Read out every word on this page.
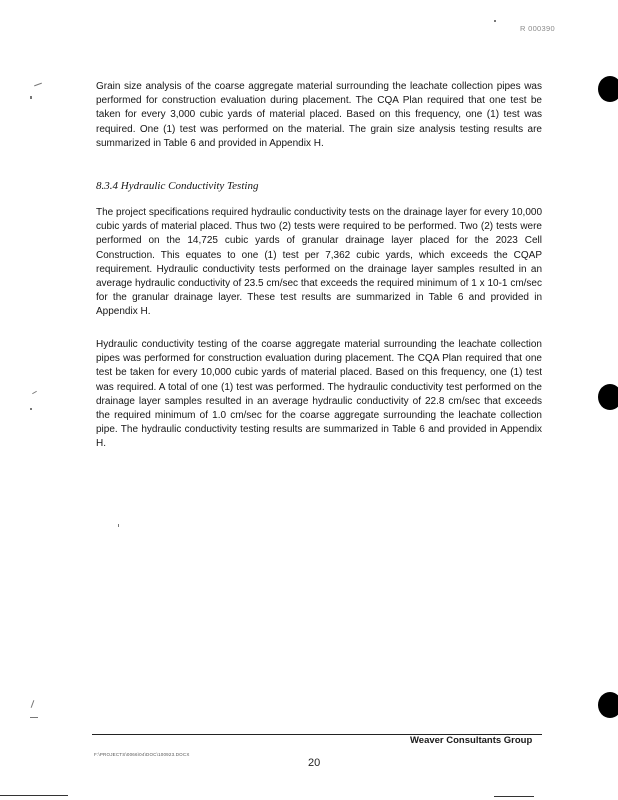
R 000390

Grain size analysis of the coarse aggregate material surrounding the leachate collection pipes was performed for construction evaluation during placement. The CQA Plan required that one test be taken for every 3,000 cubic yards of material placed. Based on this frequency, one (1) test was required. One (1) test was performed on the material. The grain size analysis testing results are summarized in Table 6 and provided in Appendix H.

8.3.4 Hydraulic Conductivity Testing

The project specifications required hydraulic conductivity tests on the drainage layer for every 10,000 cubic yards of material placed. Thus two (2) tests were required to be performed. Two (2) tests were performed on the 14,725 cubic yards of granular drainage layer placed for the 2023 Cell Construction. This equates to one (1) test per 7,362 cubic yards, which exceeds the CQAP requirement. Hydraulic conductivity tests performed on the drainage layer samples resulted in an average hydraulic conductivity of 23.5 cm/sec that exceeds the required minimum of 1 x 10-1 cm/sec for the granular drainage layer. These test results are summarized in Table 6 and provided in Appendix H.

Hydraulic conductivity testing of the coarse aggregate material surrounding the leachate collection pipes was performed for construction evaluation during placement. The CQA Plan required that one test be taken for every 10,000 cubic yards of material placed. Based on this frequency, one (1) test was required. A total of one (1) test was performed. The hydraulic conductivity test performed on the drainage layer samples resulted in an average hydraulic conductivity of 22.8 cm/sec that exceeds the required minimum of 1.0 cm/sec for the coarse aggregate surrounding the leachate collection pipe. The hydraulic conductivity testing results are summarized in Table 6 and provided in Appendix H.

Weaver Consultants Group
F:\PROJECTS\0066\04\DOC\100923.DOCX
20
